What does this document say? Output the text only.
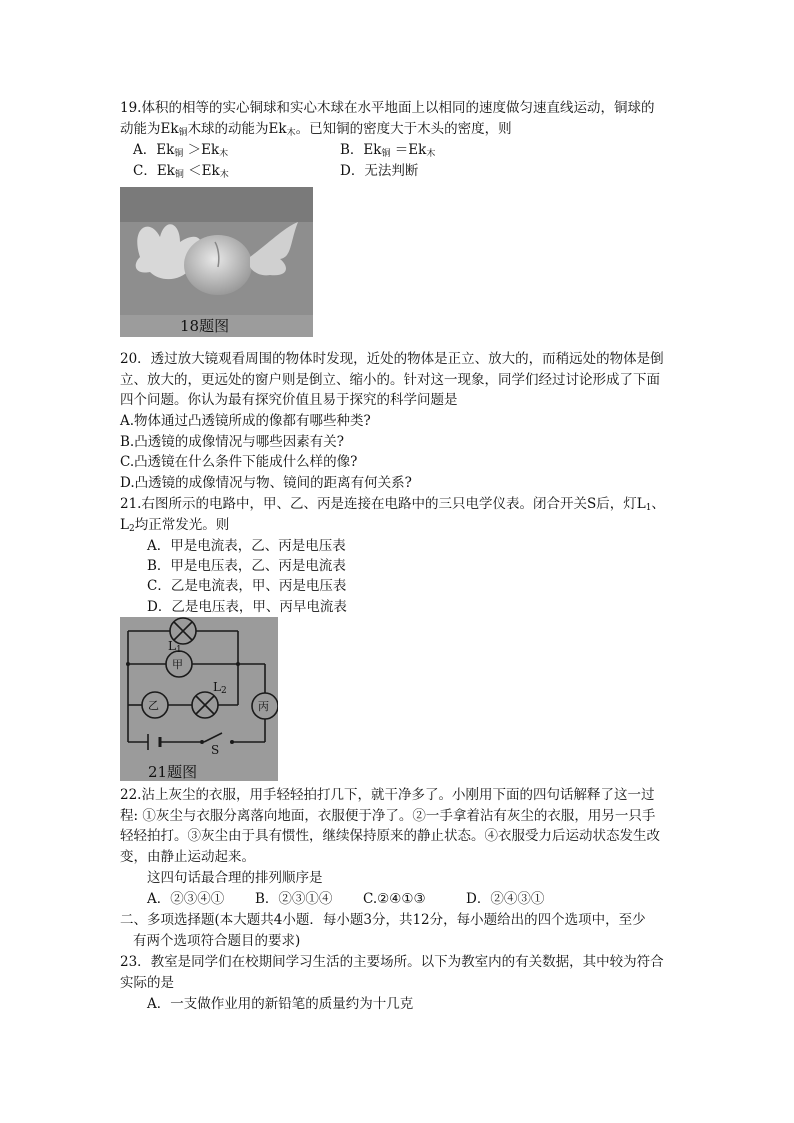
19.体积的相等的实心铜球和实心木球在水平地面上以相同的速度做匀速直线运动，铜球的
动能为$Ek_铜$木球的动能为$Ek_木$。已知铜的密度大于木头的密度，则
A．$Ek_铜 >Ek_木$	B．$Ek_铜 =Ek_木$
C．$Ek_铜 <Ek_木$	D．无法判断
18题图
20．透过放大镜观看周围的物体时发现，近处的物体是正立、放大的，而稍远处的物体是倒
立、放大的，更远处的窗户则是倒立、缩小的。针对这一现象，同学们经过讨论形成了下面
四个问题。你认为最有探究价值且易于探究的科学问题是
A.物体通过凸透镜所成的像都有哪些种类?
B.凸透镜的成像情况与哪些因素有关?
C.凸透镜在什么条件下能成什么样的像?
D.凸透镜的成像情况与物、镜间的距离有何关系?
21.右图所示的电路中，甲、乙、丙是连接在电路中的三只电学仪表。闭合开关S后，灯$L_1$、
$L_2$均正常发光。则
A．甲是电流表，乙、丙是电压表
B．甲是电压表，乙、丙是电流表
C．乙是电流表，甲、丙是电压表
D．乙是电压表，甲、丙早电流表
$L_1$
甲
$L_2$
乙	丙
S
21题图
22.沾上灰尘的衣服，用手轻轻拍打几下，就干净多了。小刚用下面的四句话解释了这一过
程: ①灰尘与衣服分离落向地面，衣服便于净了。②一手拿着沾有灰尘的衣服，用另一只手
轻轻拍打。③灰尘由于具有惯性，继续保持原来的静止状态。④衣服受力后运动状态发生改
变，由静止运动起来。
这四句话最合理的排列顺序是
A．②③④① B．②③①④ C.②④①③	D．②④③①
二、多项选择题(本大题共4小题．每小题3分，共12分，每小题给出的四个选项中，至少
有两个选项符合题目的要求)
23．教室是同学们在校期间学习生活的主要场所。以下为教室内的有关数据，其中较为符合
实际的是
A．一支做作业用的新铅笔的质量约为十几克
